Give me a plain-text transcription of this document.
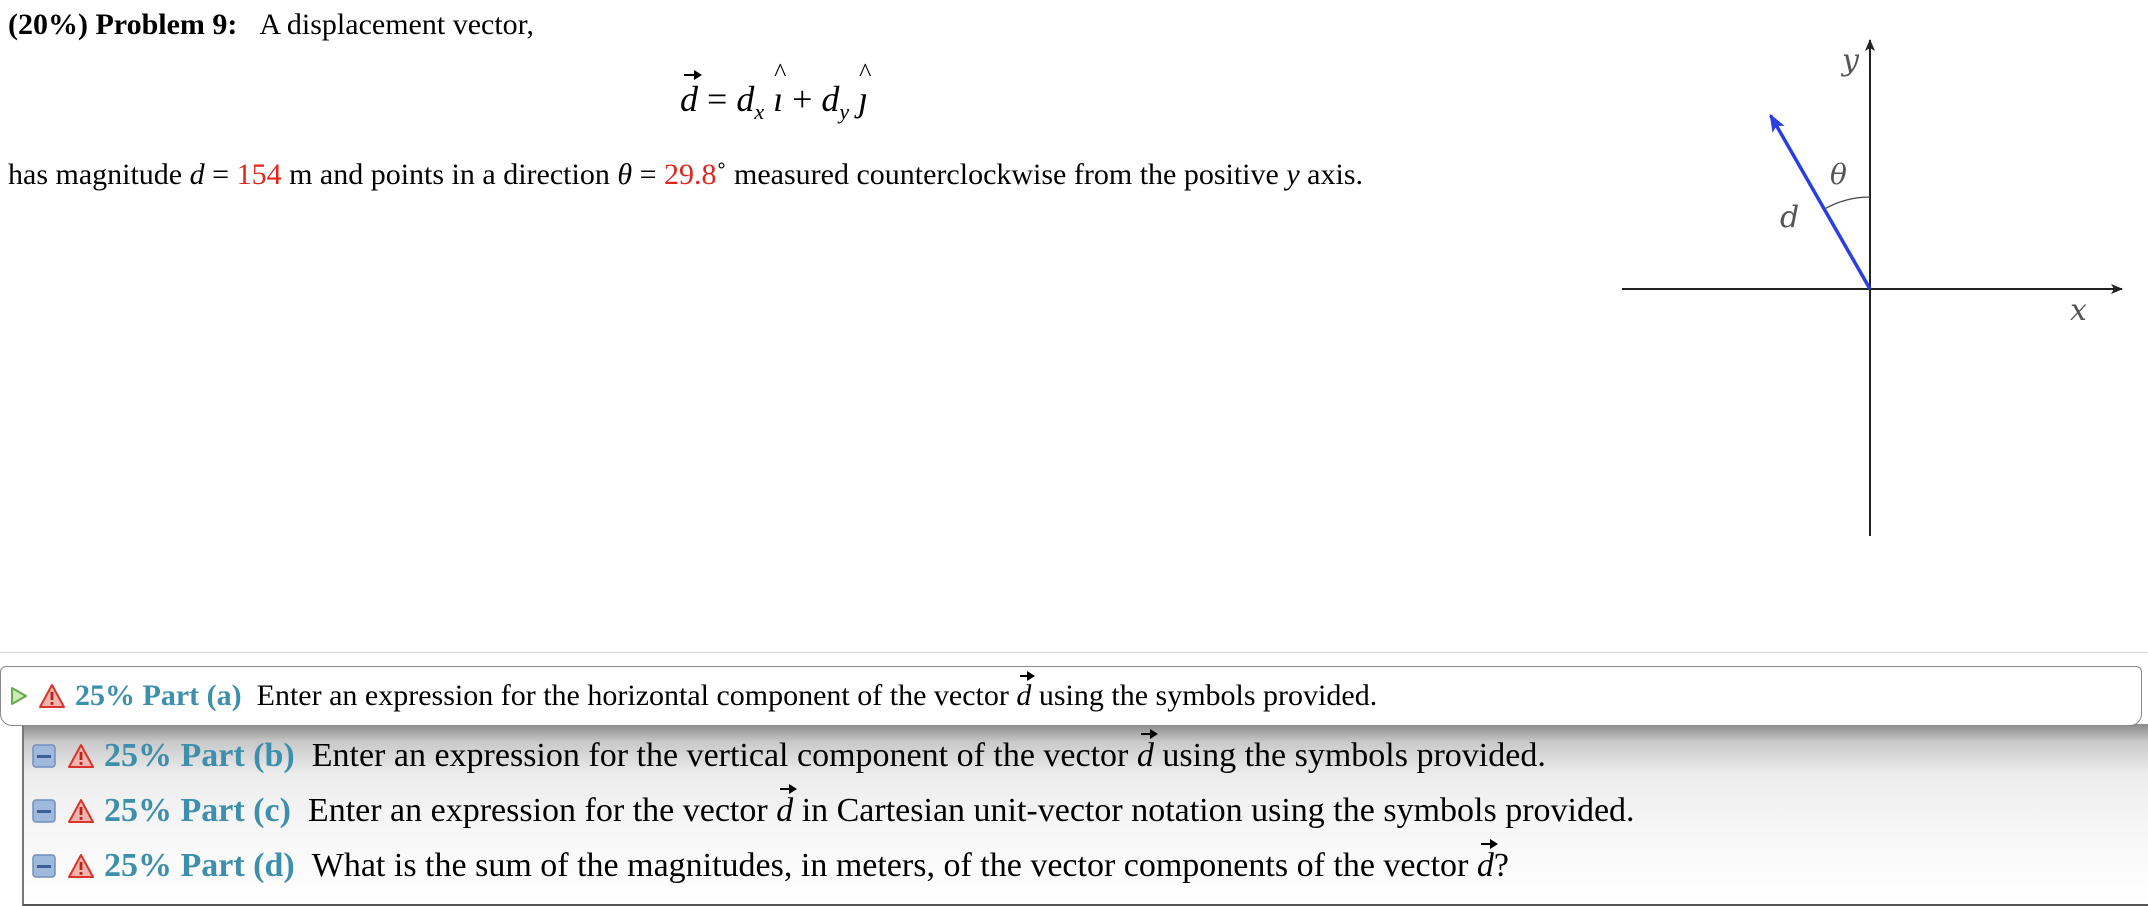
(20%) Problem 9: A displacement vector,
$d = d_x$ ^ ı + $d_y$ ^ ȷ
has magnitude d = 154 m and points in a direction θ = 29.8˚ measured counterclockwise from the positive y axis.
y
x
θ
d
25%
Part (a)
Enter an expression for the horizontal component of the vector d using the symbols provided.
25%
Part (b)
Enter an expression for the vertical component of the vector d using the symbols provided.
25%
Part (c)
Enter an expression for the vector d in Cartesian unit-vector notation using the symbols provided.
25%
Part (d)
What is the sum of the magnitudes, in meters, of the vector components of the vector d ?
